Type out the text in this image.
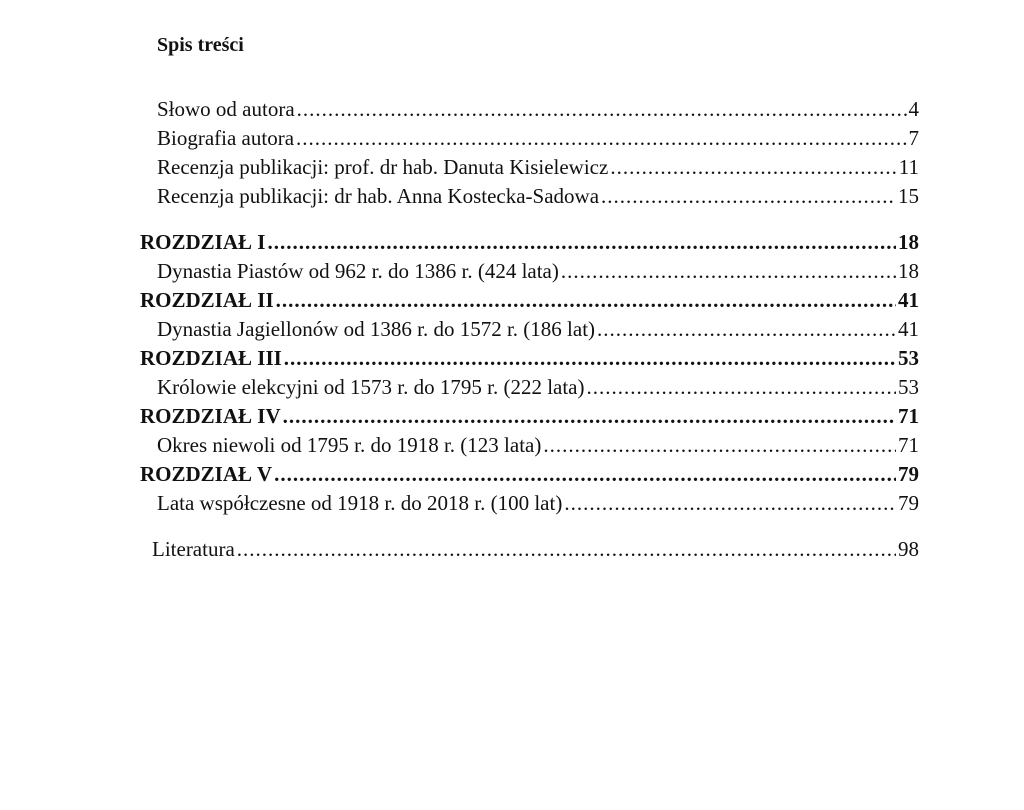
Spis treści
Słowo od autora .....	4
Biografia autora .....	7
Recenzja publikacji: prof. dr hab. Danuta Kisielewicz .....	11
Recenzja publikacji: dr hab. Anna Kostecka-Sadowa .....	15
ROZDZIAŁ I .....	18
Dynastia Piastów od 962 r. do 1386 r. (424 lata) .....	18
ROZDZIAŁ II .....	41
Dynastia Jagiellonów od 1386 r. do 1572 r. (186 lat) .....	41
ROZDZIAŁ III .....	53
Królowie elekcyjni od 1573 r. do 1795 r. (222 lata) .....	53
ROZDZIAŁ IV .....	71
Okres niewoli od 1795 r. do 1918 r. (123 lata) .....	71
ROZDZIAŁ V .....	79
Lata współczesne od 1918 r. do 2018 r. (100 lat) .....	79
Literatura .....	98
